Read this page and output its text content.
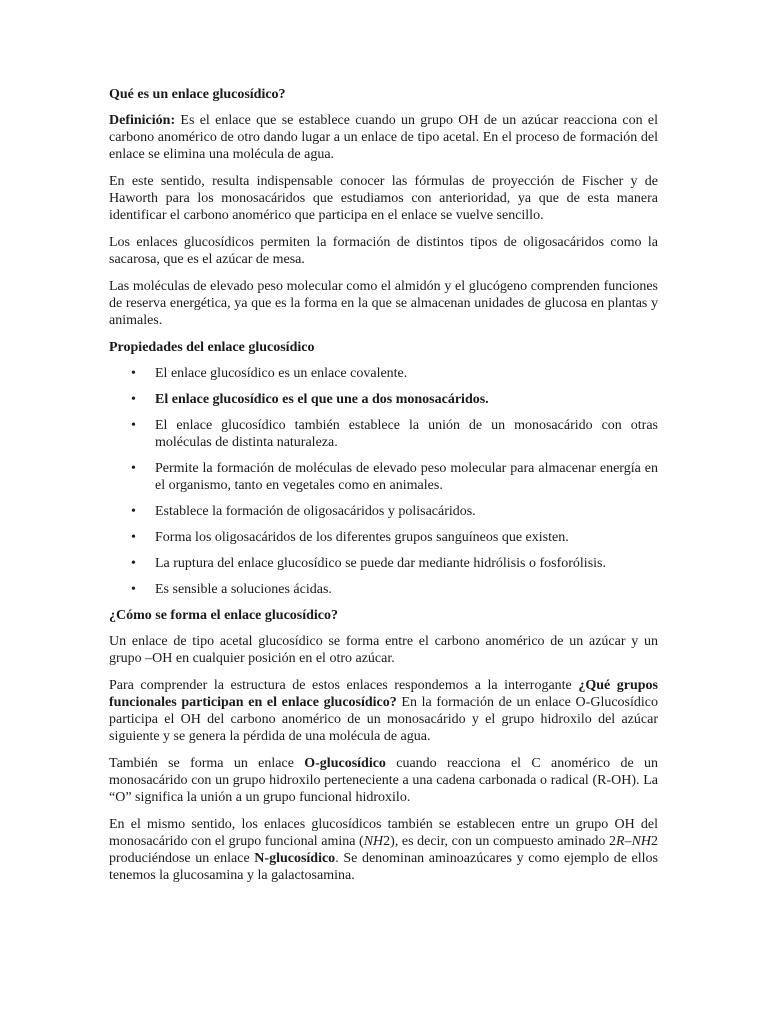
Qué es un enlace glucosídico?

Definición: Es el enlace que se establece cuando un grupo OH de un azúcar reacciona con el carbono anomérico de otro dando lugar a un enlace de tipo acetal. En el proceso de formación del enlace se elimina una molécula de agua.

En este sentido, resulta indispensable conocer las fórmulas de proyección de Fischer y de Haworth para los monosacáridos que estudiamos con anterioridad, ya que de esta manera identificar el carbono anomérico que participa en el enlace se vuelve sencillo.

Los enlaces glucosídicos permiten la formación de distintos tipos de oligosacáridos como la sacarosa, que es el azúcar de mesa.

Las moléculas de elevado peso molecular como el almidón y el glucógeno comprenden funciones de reserva energética, ya que es la forma en la que se almacenan unidades de glucosa en plantas y animales.

Propiedades del enlace glucosídico
• El enlace glucosídico es un enlace covalente.
• El enlace glucosídico es el que une a dos monosacáridos.
• El enlace glucosídico también establece la unión de un monosacárido con otras moléculas de distinta naturaleza.
• Permite la formación de moléculas de elevado peso molecular para almacenar energía en el organismo, tanto en vegetales como en animales.
• Establece la formación de oligosacáridos y polisacáridos.
• Forma los oligosacáridos de los diferentes grupos sanguíneos que existen.
• La ruptura del enlace glucosídico se puede dar mediante hidrólisis o fosforólisis.
• Es sensible a soluciones ácidas.
¿Cómo se forma el enlace glucosídico?

Un enlace de tipo acetal glucosídico se forma entre el carbono anomérico de un azúcar y un grupo –OH en cualquier posición en el otro azúcar.

Para comprender la estructura de estos enlaces respondemos a la interrogante ¿Qué grupos funcionales participan en el enlace glucosídico? En la formación de un enlace O-Glucosídico participa el OH del carbono anomérico de un monosacárido y el grupo hidroxilo del azúcar siguiente y se genera la pérdida de una molécula de agua.

También se forma un enlace O-glucosídico cuando reacciona el C anomérico de un monosacárido con un grupo hidroxilo perteneciente a una cadena carbonada o radical (R-OH). La “O” significa la unión a un grupo funcional hidroxilo.

En el mismo sentido, los enlaces glucosídicos también se establecen entre un grupo OH del monosacárido con el grupo funcional amina (NH2), es decir, con un compuesto aminado 2R–NH2 produciéndose un enlace N-glucosídico. Se denominan aminoazúcares y como ejemplo de ellos tenemos la glucosamina y la galactosamina.
